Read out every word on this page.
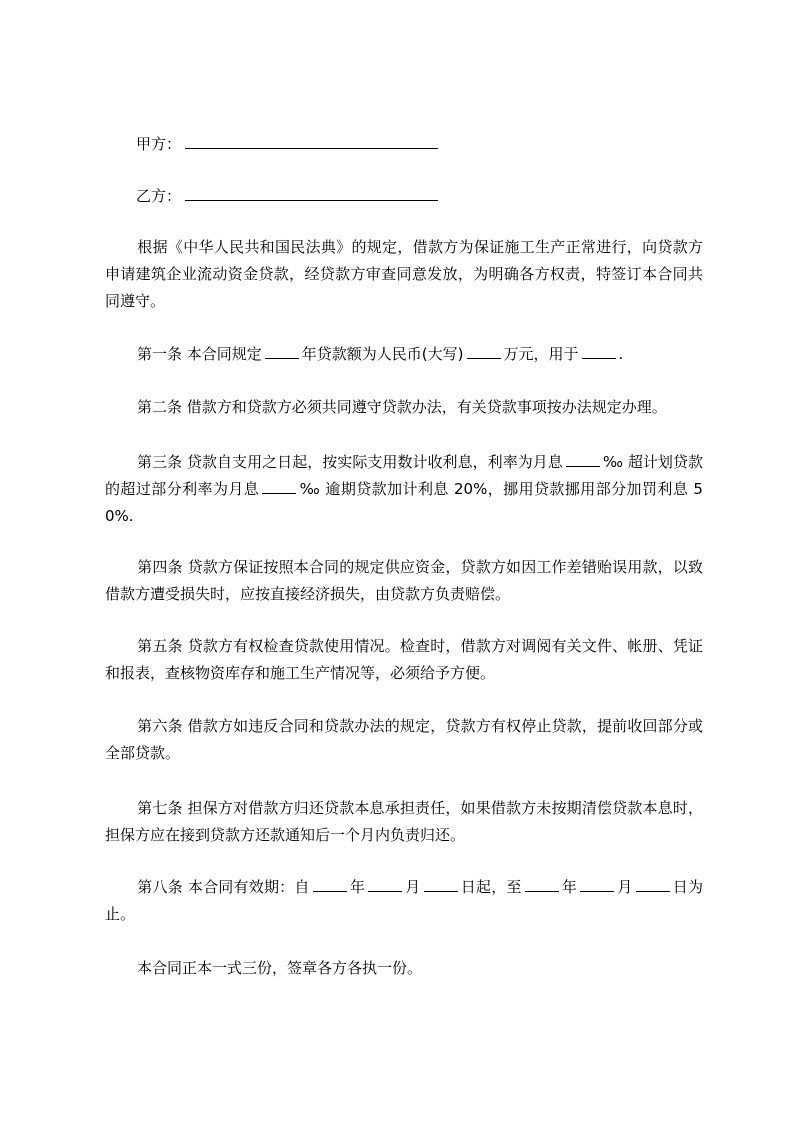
甲方：
乙方：
根据《中华人民共和国民法典》的规定，借款方为保证施工生产正常进行，向贷款方申请建筑企业流动资金贷款，经贷款方审查同意发放，为明确各方权责，特签订本合同共同遵守。
第一条 本合同规定	年贷款额为人民币(大写)	万元，用于	.
第二条 借款方和贷款方必须共同遵守贷款办法，有关贷款事项按办法规定办理。
第三条 贷款自支用之日起，按实际支用数计收利息，利率为月息	‰ 超计划贷款的超过部分利率为月息	‰ 逾期贷款加计利息 20%，挪用贷款挪用部分加罚利息 50%.
第四条 贷款方保证按照本合同的规定供应资金，贷款方如因工作差错贻误用款，以致借款方遭受损失时，应按直接经济损失，由贷款方负责赔偿。
第五条 贷款方有权检查贷款使用情况。检查时，借款方对调阅有关文件、帐册、凭证和报表，查核物资库存和施工生产情况等，必须给予方便。
第六条 借款方如违反合同和贷款办法的规定，贷款方有权停止贷款，提前收回部分或全部贷款。
第七条 担保方对借款方归还贷款本息承担责任，如果借款方未按期清偿贷款本息时，担保方应在接到贷款方还款通知后一个月内负责归还。
第八条 本合同有效期：自	年	月	日起，至	年	月	日为止。
本合同正本一式三份，签章各方各执一份。
